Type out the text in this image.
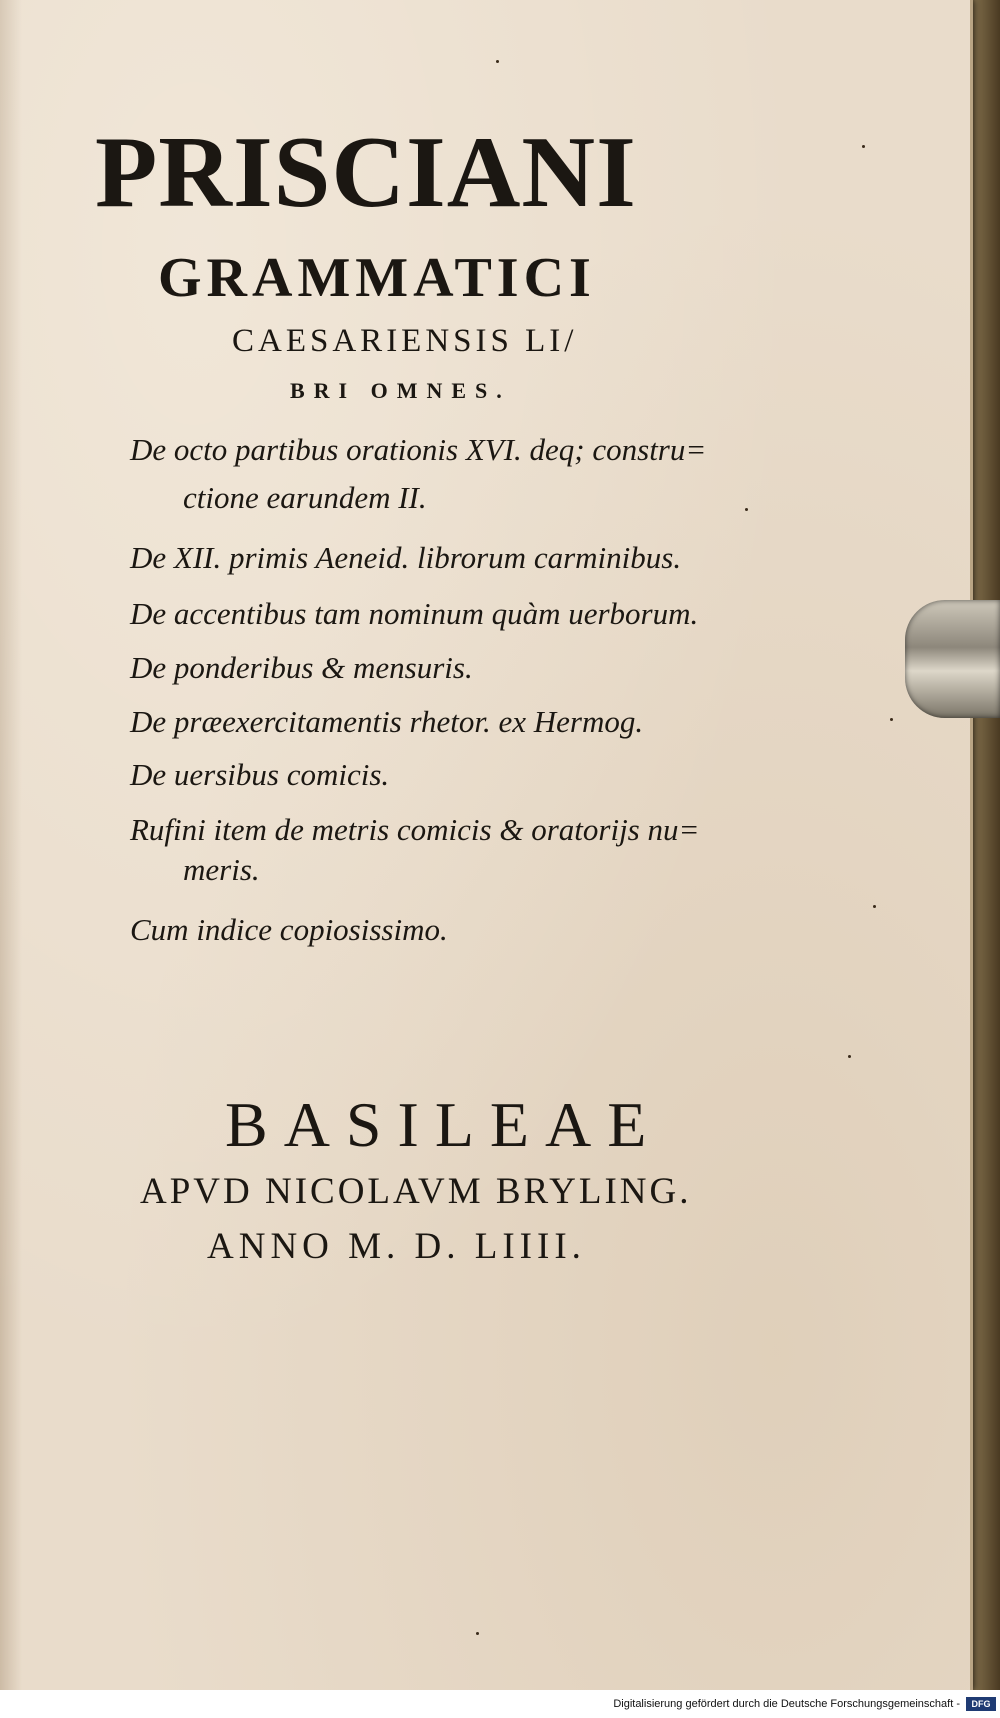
PRISCIANI
GRAMMATICI
CAESARIENSIS LI/
BRI OMNES.
De octo partibus orationis XVI. deq; constru=
ctione earundem II.
De XII. primis Aeneid. librorum carminibus.
De accentibus tam nominum quàm uerborum.
De ponderibus & mensuris.
De præexercitamentis rhetor. ex Hermog.
De uersibus comicis.
Rufini item de metris comicis & oratorijs nu=
meris.
Cum indice copiosissimo.
BASILEAE
APVD NICOLAVM BRYLING.
ANNO M. D. LIIII.
Digitalisierung gefördert durch die Deutsche Forschungsgemeinschaft -	DFG
